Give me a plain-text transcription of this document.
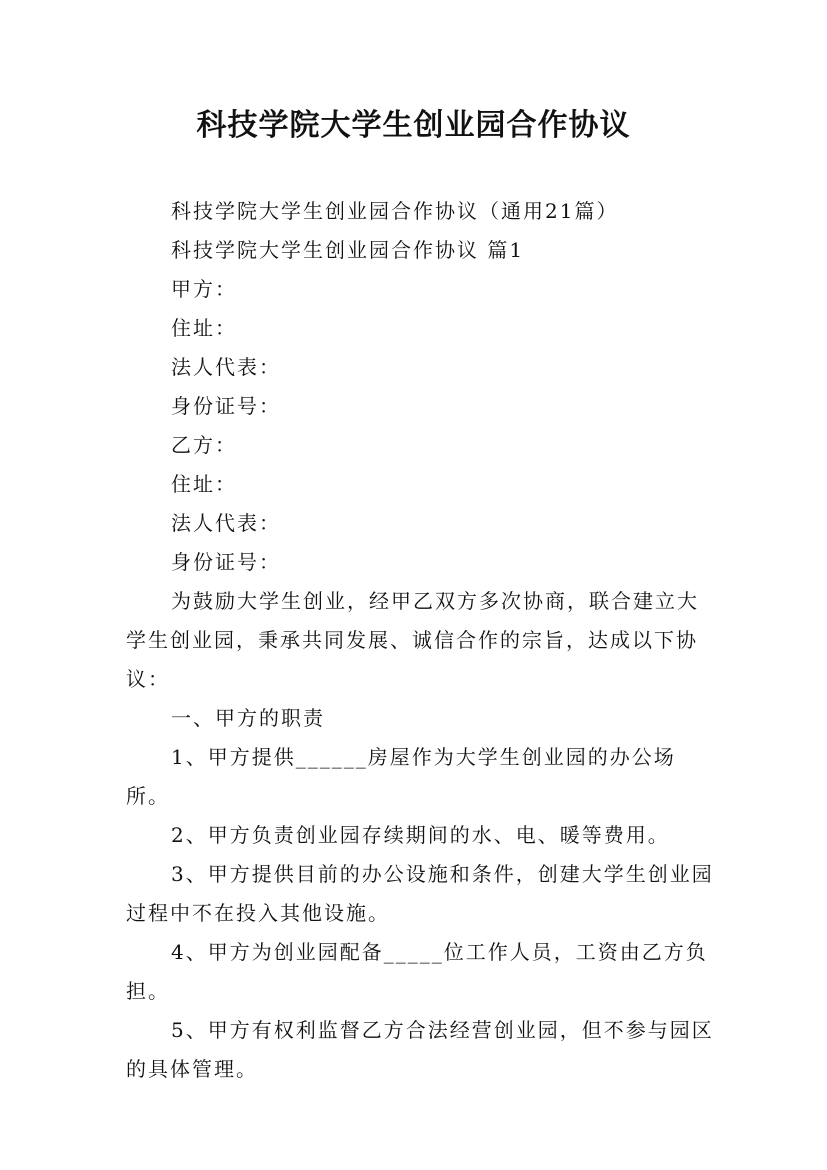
科技学院大学生创业园合作协议

科技学院大学生创业园合作协议（通用21篇）

科技学院大学生创业园合作协议 篇1

甲方：

住址：

法人代表：

身份证号：

乙方：

住址：

法人代表：

身份证号：

为鼓励大学生创业，经甲乙双方多次协商，联合建立大学生创业园，秉承共同发展、诚信合作的宗旨，达成以下协议：

一、甲方的职责

1、甲方提供______房屋作为大学生创业园的办公场所。

2、甲方负责创业园存续期间的水、电、暖等费用。

3、甲方提供目前的办公设施和条件，创建大学生创业园过程中不在投入其他设施。

4、甲方为创业园配备_____位工作人员，工资由乙方负担。

5、甲方有权利监督乙方合法经营创业园，但不参与园区的具体管理。
